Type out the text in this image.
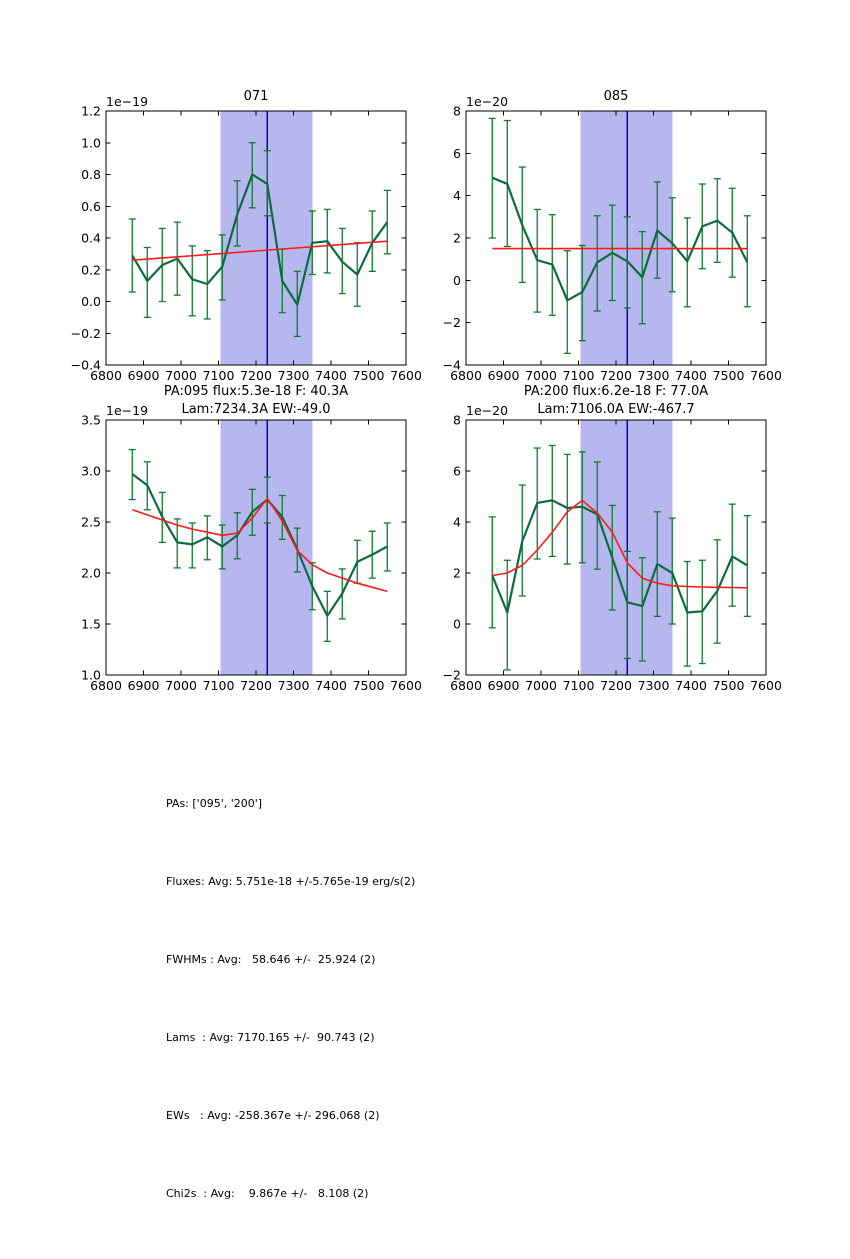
6800 6900 7000 7100 7200 7300 7400 7500 7600
−0.4
−0.2
0.0
0.2
0.4
0.6
0.8
1.0
1.2
1e−19
6800 6900 7000 7100 7200 7300 7400 7500 7600
−4
−2
0
2
4
6
8
1e−20
6800 6900 7000 7100 7200 7300 7400 7500 7600
1.0
1.5
2.0
2.5
3.0
3.5
1e−19
6800 6900 7000 7100 7200 7300 7400 7500 7600
−2
0
2
4
6
8
1e−20
071	085
PA:095 flux:5.3e-18 F: 40.3A
Lam:7234.3A EW:-49.0
PA:200 flux:6.2e-18 F: 77.0A
Lam:7106.0A EW:-467.7

PAs: ['095', '200']

Fluxes: Avg: 5.751e-18 +/-5.765e-19 erg/s(2)

FWHMs : Avg:   58.646 +/-  25.924 (2)

Lams  : Avg: 7170.165 +/-  90.743 (2)

EWs   : Avg: -258.367e +/- 296.068 (2)

Chi2s  : Avg:    9.867e +/-   8.108 (2)
